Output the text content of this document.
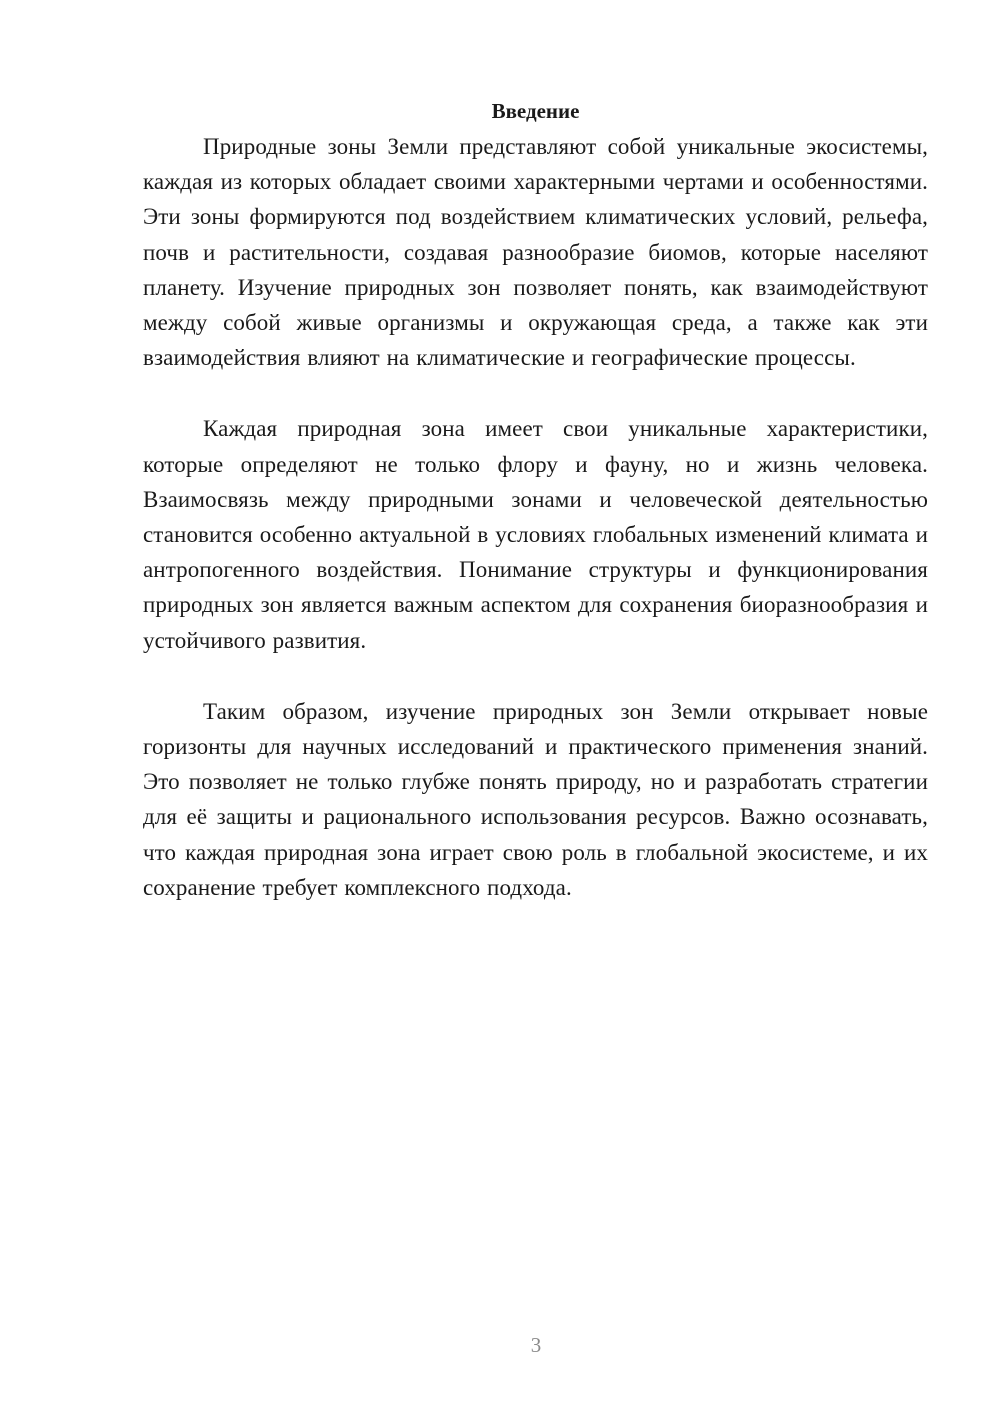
Введение

Природные зоны Земли представляют собой уникальные экосистемы, каждая из которых обладает своими характерными чертами и особенностями. Эти зоны формируются под воздействием климатических условий, рельефа, почв и растительности, создавая разнообразие биомов, которые населяют планету. Изучение природных зон позволяет понять, как взаимодействуют между собой живые организмы и окружающая среда, а также как эти взаимодействия влияют на климатические и географические процессы.

Каждая природная зона имеет свои уникальные характеристики, которые определяют не только флору и фауну, но и жизнь человека. Взаимосвязь между природными зонами и человеческой деятельностью становится особенно актуальной в условиях глобальных изменений климата и антропогенного воздействия. Понимание структуры и функционирования природных зон является важным аспектом для сохранения биоразнообразия и устойчивого развития.

Таким образом, изучение природных зон Земли открывает новые горизонты для научных исследований и практического применения знаний. Это позволяет не только глубже понять природу, но и разработать стратегии для её защиты и рационального использования ресурсов. Важно осознавать, что каждая природная зона играет свою роль в глобальной экосистеме, и их сохранение требует комплексного подхода.

3
